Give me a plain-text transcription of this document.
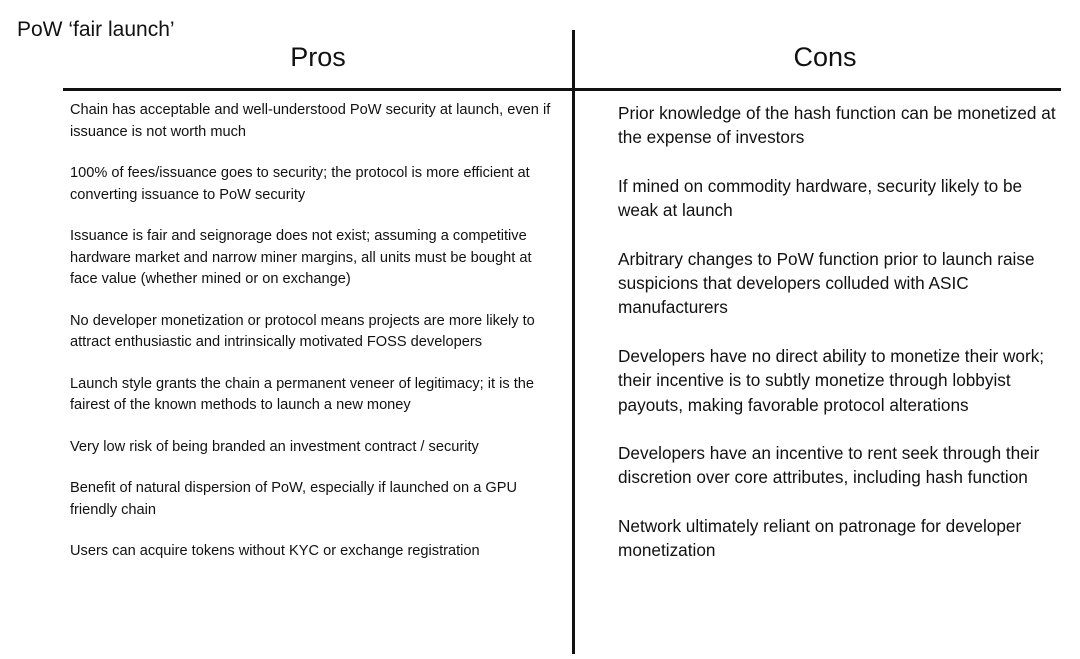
PoW ‘fair launch’
Pros	Cons
Chain has acceptable and well-understood PoW security at launch, even if issuance is not worth much
100% of fees/issuance goes to security; the protocol is more efficient at converting issuance to PoW security
Issuance is fair and seignorage does not exist; assuming a competitive hardware market and narrow miner margins, all units must be bought at face value (whether mined or on exchange)
No developer monetization or protocol means projects are more likely to attract enthusiastic and intrinsically motivated FOSS developers
Launch style grants the chain a permanent veneer of legitimacy; it is the fairest of the known methods to launch a new money
Very low risk of being branded an investment contract / security
Benefit of natural dispersion of PoW, especially if launched on a GPU friendly chain
Users can acquire tokens without KYC or exchange registration
Prior knowledge of the hash function can be monetized at the expense of investors
If mined on commodity hardware, security likely to be weak at launch
Arbitrary changes to PoW function prior to launch raise suspicions that developers colluded with ASIC manufacturers
Developers have no direct ability to monetize their work; their incentive is to subtly monetize through lobbyist payouts, making favorable protocol alterations
Developers have an incentive to rent seek through their discretion over core attributes, including hash function
Network ultimately reliant on patronage for developer monetization
